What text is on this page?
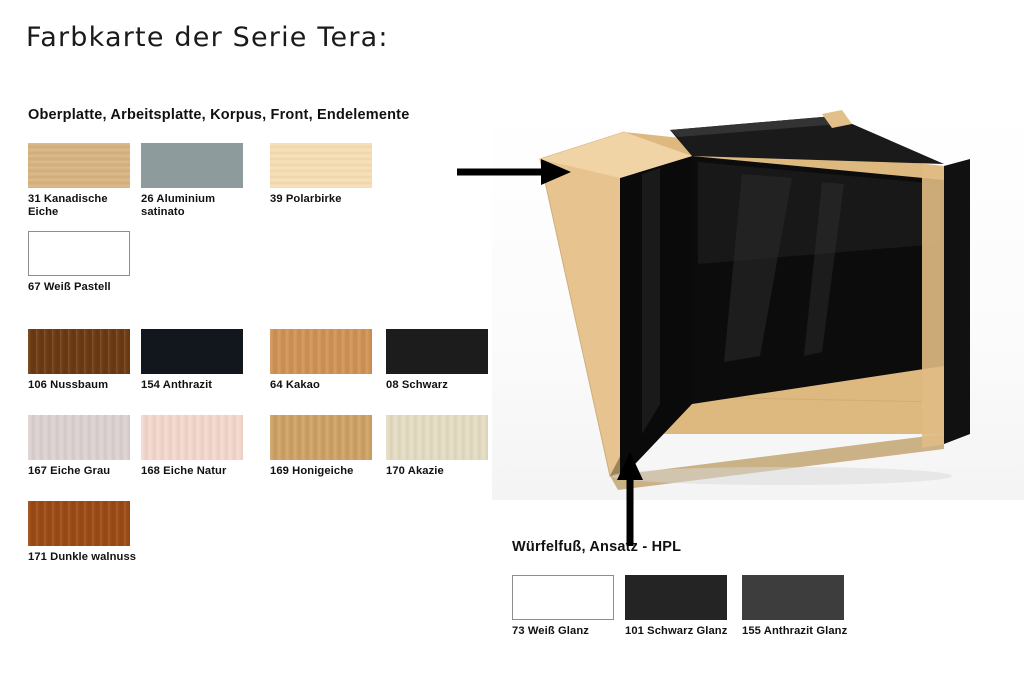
Farbkarte der Serie Tera:
Oberplatte, Arbeitsplatte, Korpus, Front, Endelemente
31 Kanadische Eiche
26 Aluminium satinato
39 Polarbirke
67 Weiß Pastell
106 Nussbaum	154 Anthrazit	64 Kakao	08 Schwarz
167 Eiche Grau	168 Eiche Natur	169 Honigeiche	170 Akazie
171 Dunkle walnuss
Würfelfuß, Ansatz - HPL
73 Weiß Glanz	101 Schwarz Glanz	155 Anthrazit Glanz
